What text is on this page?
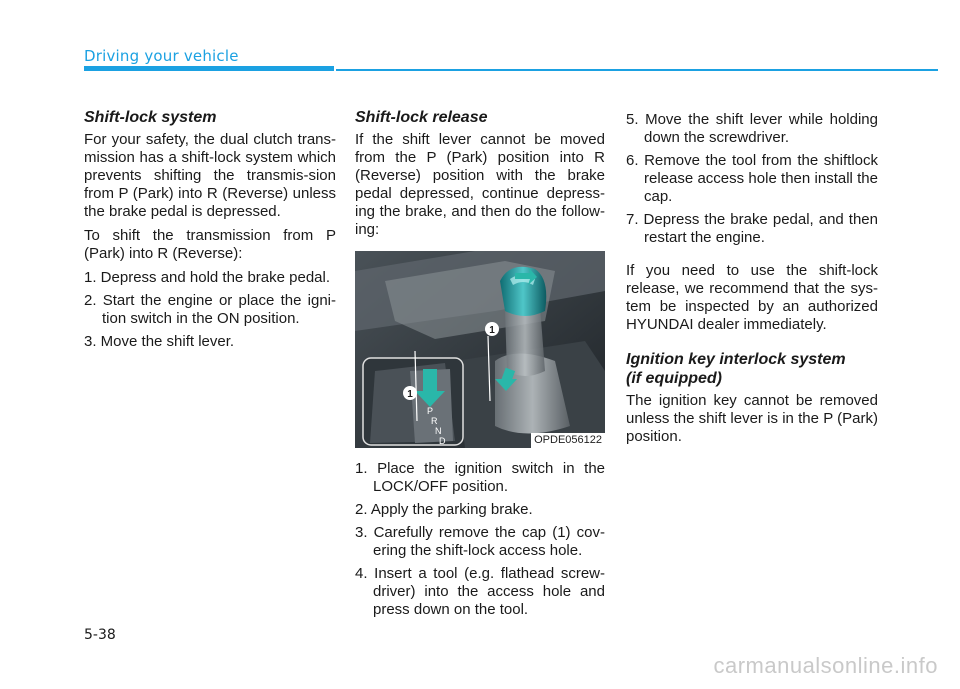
Driving your vehicle
Shift-lock system

For your safety, the dual clutch trans-mission has a shift-lock system which prevents shifting the transmis-sion from P (Park) into R (Reverse) unless the brake pedal is depressed.

To shift the transmission from P (Park) into R (Reverse):

1. Depress and hold the brake pedal.
2. Start the engine or place the igni-tion switch in the ON position.
3. Move the shift lever.
Shift-lock release

If the shift lever cannot be moved from the P (Park) position into R (Reverse) position with the brake pedal depressed, continue depress-ing the brake, and then do the follow-ing:

1
1
P
R
N
D	OPDE056122
1. Place the ignition switch in the LOCK/OFF position.
2. Apply the parking brake.
3. Carefully remove the cap (1) cov-ering the shift-lock access hole.
4. Insert a tool (e.g. flathead screw-driver) into the access hole and press down on the tool.
5. Move the shift lever while holding down the screwdriver.
6. Remove the tool from the shiftlock release access hole then install the cap.
7. Depress the brake pedal, and then restart the engine.

If you need to use the shift-lock release, we recommend that the sys-tem be inspected by an authorized HYUNDAI dealer immediately.

Ignition key interlock system
(if equipped)

The ignition key cannot be removed unless the shift lever is in the P (Park) position.

5-38
carmanualsonline.info
